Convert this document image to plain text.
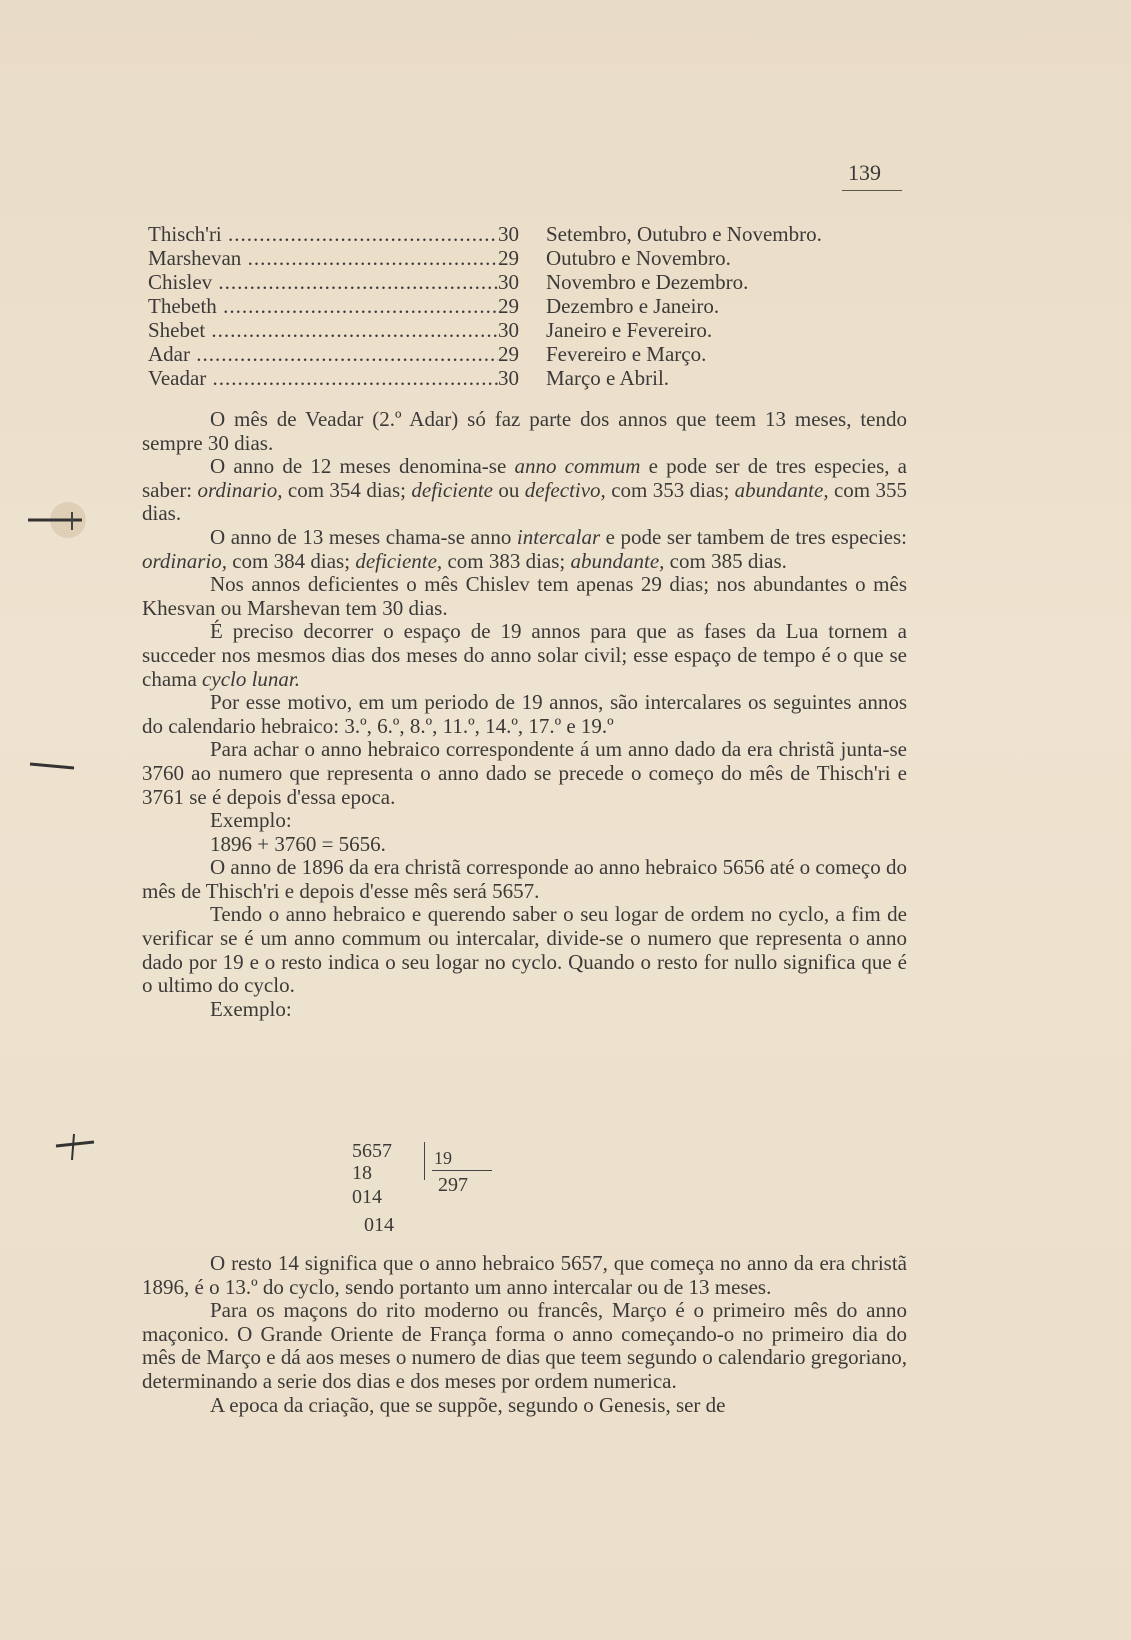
139
Thisch'ri .....	30	Setembro, Outubro e Novembro.
Marshevan .....	29	Outubro e Novembro.
Chislev .....	30	Novembro e Dezembro.
Thebeth .....	29	Dezembro e Janeiro.
Shebet .....	30	Janeiro e Fevereiro.
Adar .....	29	Fevereiro e Março.
Veadar .....	30	Março e Abril.

O mês de Veadar (2.º Adar) só faz parte dos annos que teem 13 meses, tendo sempre 30 dias.

O anno de 12 meses denomina-se anno commum e pode ser de tres especies, a saber: ordinario, com 354 dias; deficiente ou defectivo, com 353 dias; abundante, com 355 dias.

O anno de 13 meses chama-se anno intercalar e pode ser tambem de tres especies: ordinario, com 384 dias; deficiente, com 383 dias; abundante, com 385 dias.

Nos annos deficientes o mês Chislev tem apenas 29 dias; nos abundantes o mês Khesvan ou Marshevan tem 30 dias.

É preciso decorrer o espaço de 19 annos para que as fases da Lua tornem a succeder nos mesmos dias dos meses do anno solar civil; esse espaço de tempo é o que se chama cyclo lunar.

Por esse motivo, em um periodo de 19 annos, são intercalares os seguintes annos do calendario hebraico: 3.º, 6.º, 8.º, 11.º, 14.º, 17.º e 19.º

Para achar o anno hebraico correspondente á um anno dado da era christã junta-se 3760 ao numero que representa o anno dado se precede o começo do mês de Thisch'ri e 3761 se é depois d'essa epoca.

Exemplo:

1896 + 3760 = 5656.

O anno de 1896 da era christã corresponde ao anno hebraico 5656 até o começo do mês de Thisch'ri e depois d'esse mês será 5657.

Tendo o anno hebraico e querendo saber o seu logar de ordem no cyclo, a fim de verificar se é um anno commum ou intercalar, divide-se o numero que representa o anno dado por 19 e o resto indica o seu logar no cyclo. Quando o resto for nullo significa que é o ultimo do cyclo.

Exemplo:

5657
18
014
014
19
297

O resto 14 significa que o anno hebraico 5657, que começa no anno da era christã 1896, é o 13.º do cyclo, sendo portanto um anno intercalar ou de 13 meses.

Para os maçons do rito moderno ou francês, Março é o primeiro mês do anno maçonico. O Grande Oriente de França forma o anno começando-o no primeiro dia do mês de Março e dá aos meses o numero de dias que teem segundo o calendario gregoriano, determinando a serie dos dias e dos meses por ordem numerica.

A epoca da criação, que se suppõe, segundo o Genesis, ser de
